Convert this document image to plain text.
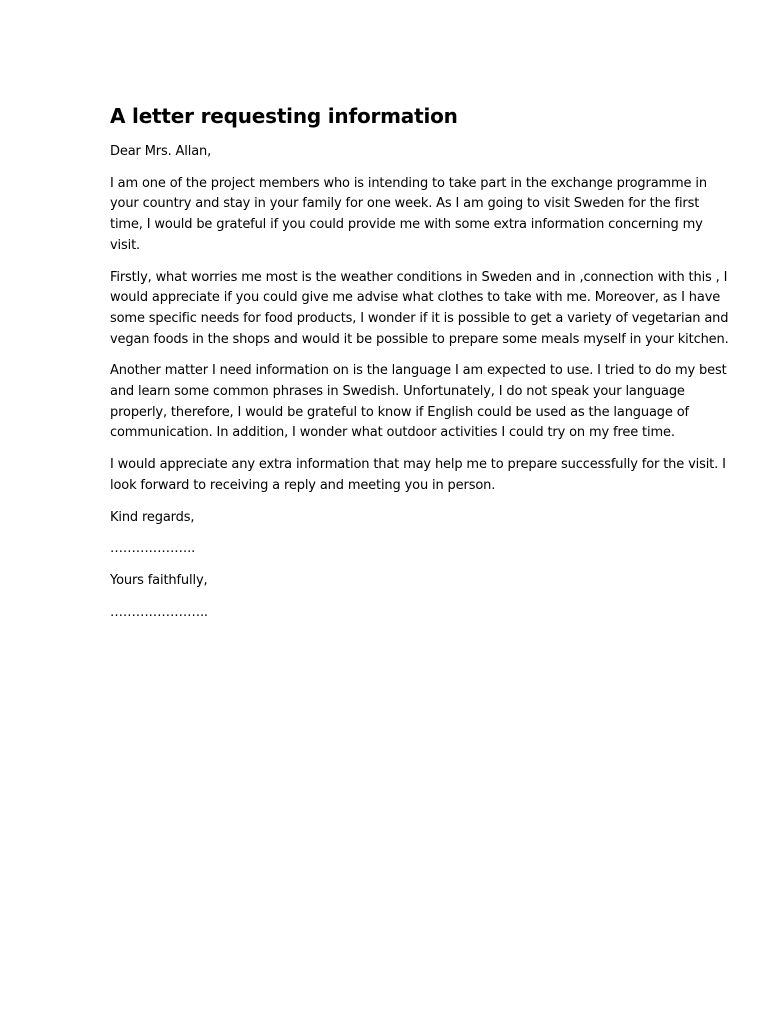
A letter requesting information

Dear Mrs. Allan,

I am one of the project members who is intending to take part in the exchange programme in your country and stay in your family for one week. As I am going to visit Sweden for the first time, I would be grateful if you could provide me with some extra information concerning my visit.

Firstly, what worries me most is the weather conditions in Sweden and in ,connection with this , I would appreciate if you could give me advise what clothes to take with me. Moreover, as I have some specific needs for food products, I wonder if it is possible to get a variety of vegetarian and vegan foods in the shops and would it be possible to prepare some meals myself in your kitchen.

Another matter I need information on is the language I am expected to use. I tried to do my best and learn some common phrases in Swedish. Unfortunately, I do not speak your language properly, therefore, I would be grateful to know if English could be used as the language of communication. In addition, I wonder what outdoor activities I could try on my free time.

I would appreciate any extra information that may help me to prepare successfully for the visit. I look forward to receiving a reply and meeting you in person.

Kind regards,

………………..

Yours faithfully,

…………………..
